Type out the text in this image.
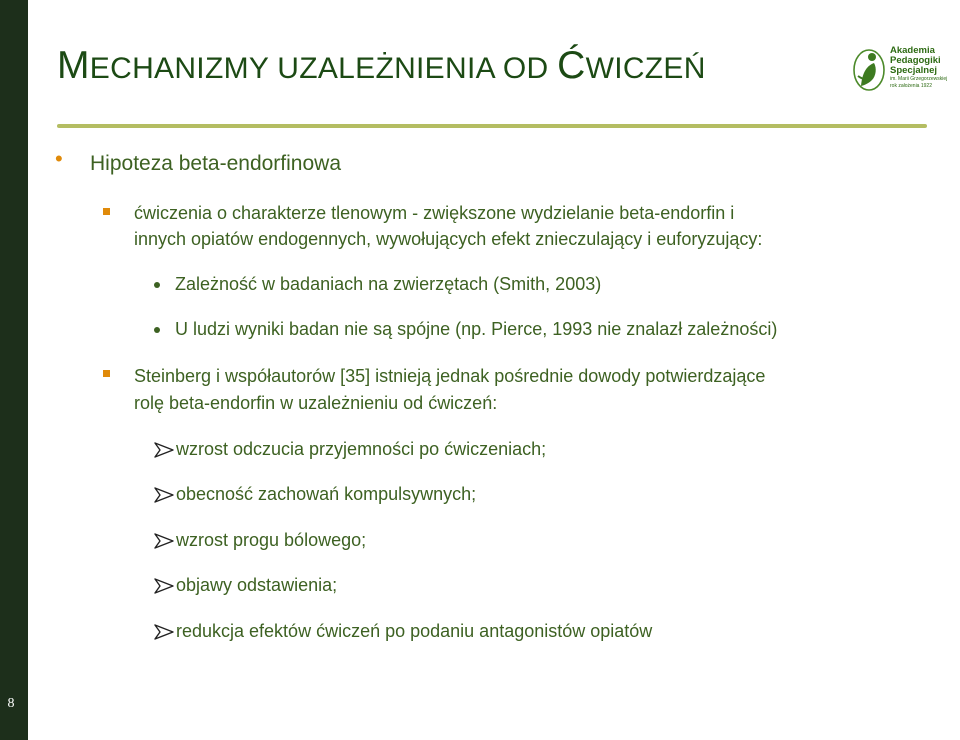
8
MECHANIZMY UZALEŻNIENIA OD ĆWICZEŃ
Akademia
Pedagogiki
Specjalnej
im. Marii Grzegorzewskiej
rok założenia 1922
• Hipoteza beta-endorfinowa
ćwiczenia o charakterze tlenowym - zwiększone wydzielanie beta-endorfin i
innych opiatów endogennych, wywołujących efekt znieczulający i euforyzujący:
Zależność w badaniach na zwierzętach (Smith, 2003)
U ludzi wyniki badan nie są spójne (np. Pierce, 1993 nie znalazł zależności)
Steinberg i współautorów [35] istnieją jednak pośrednie dowody potwierdzające
rolę beta-endorfin w uzależnieniu od ćwiczeń:
wzrost odczucia przyjemności po ćwiczeniach;
obecność zachowań kompulsywnych;
wzrost progu bólowego;
objawy odstawienia;
redukcja efektów ćwiczeń po podaniu antagonistów opiatów
